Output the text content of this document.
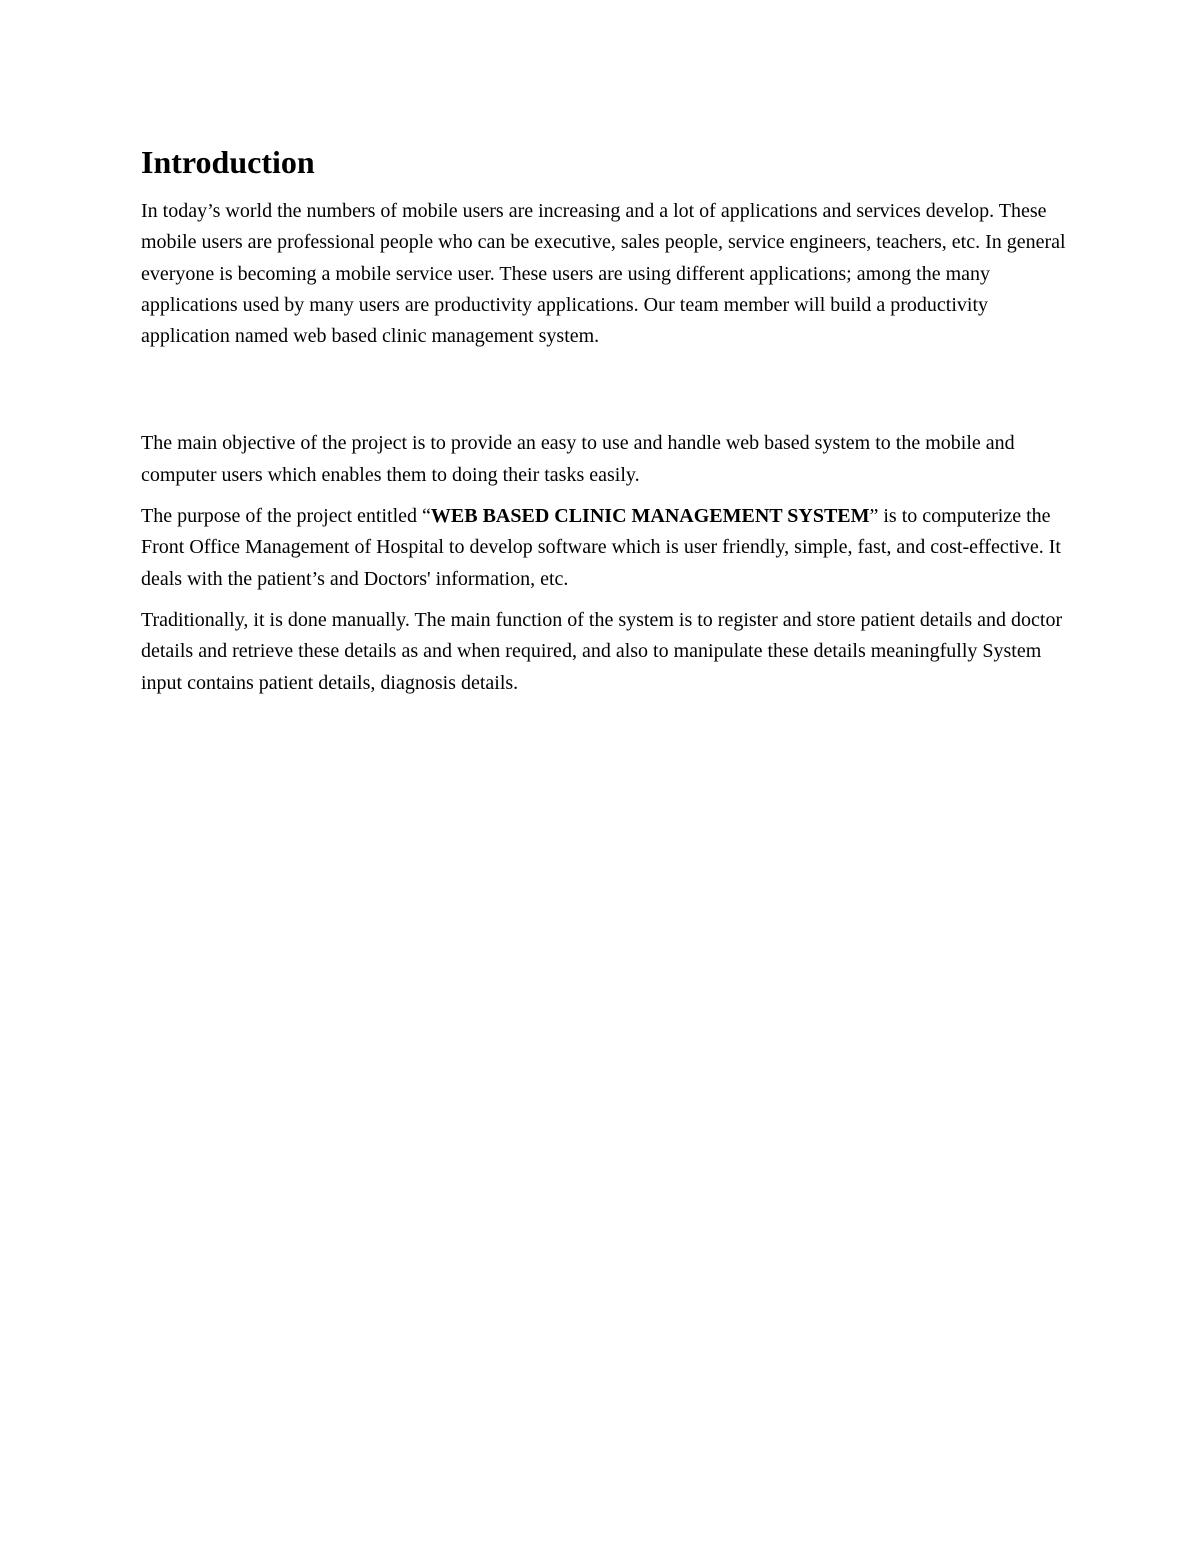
Introduction

In today’s world the numbers of mobile users are increasing and a lot of applications and services develop. These mobile users are professional people who can be executive, sales people, service engineers, teachers, etc. In general everyone is becoming a mobile service user. These users are using different applications; among the many applications used by many users are productivity applications. Our team member will build a productivity application named web based clinic management system.

The main objective of the project is to provide an easy to use and handle web based system to the mobile and computer users which enables them to doing their tasks easily.

The purpose of the project entitled “WEB BASED CLINIC MANAGEMENT SYSTEM” is to computerize the Front Office Management of Hospital to develop software which is user friendly, simple, fast, and cost-effective. It deals with the patient’s and Doctors' information, etc.

Traditionally, it is done manually. The main function of the system is to register and store patient details and doctor details and retrieve these details as and when required, and also to manipulate these details meaningfully System input contains patient details, diagnosis details.
